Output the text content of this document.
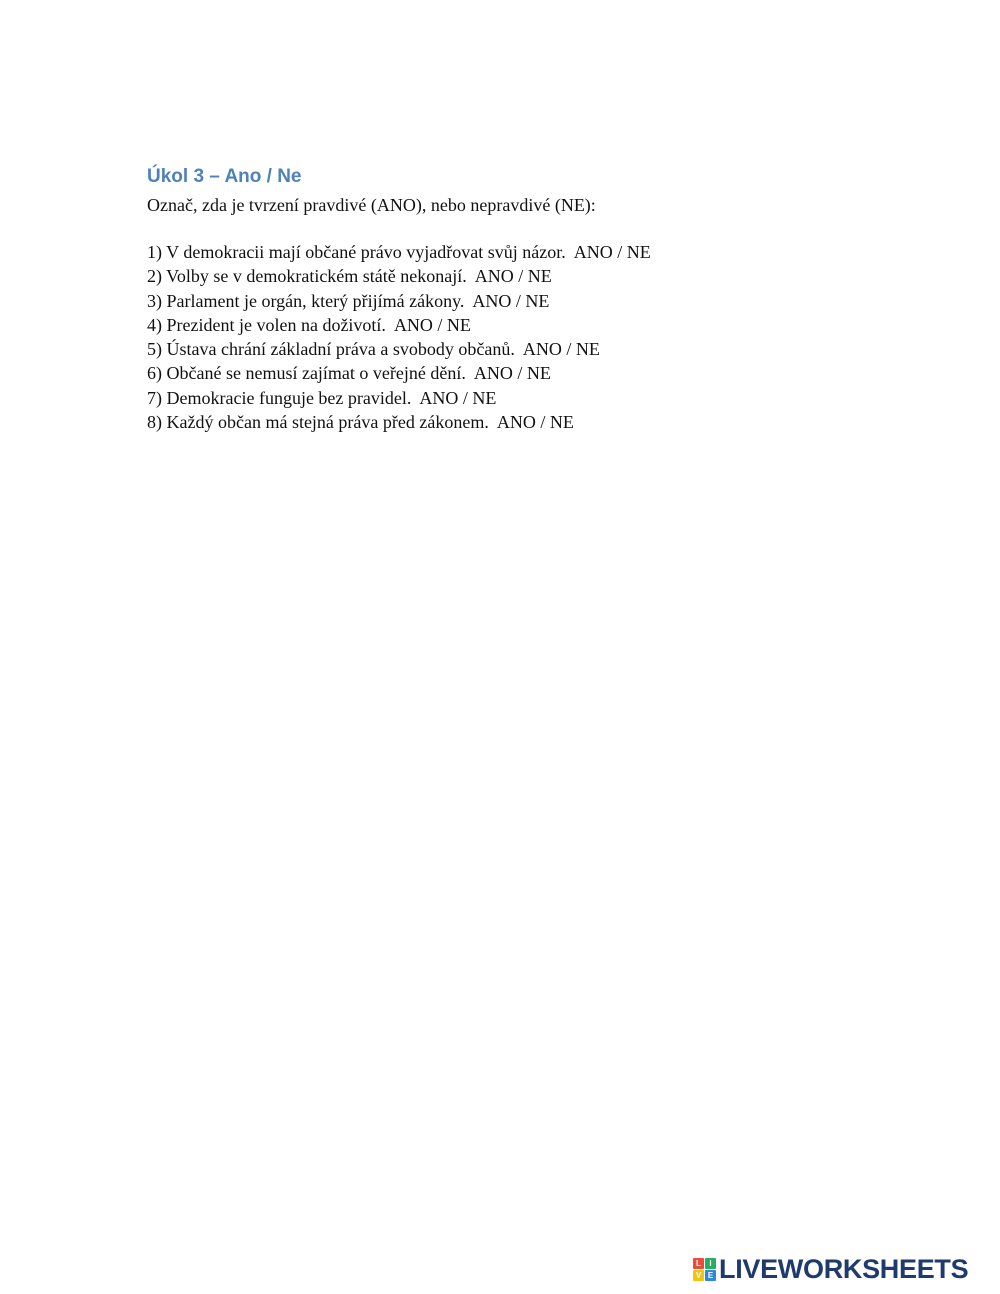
Úkol 3 – Ano / Ne

Označ, zda je tvrzení pravdivé (ANO), nebo nepravdivé (NE):

1) V demokracii mají občané právo vyjadřovat svůj názor.  ANO / NE
2) Volby se v demokratickém státě nekonají.  ANO / NE
3) Parlament je orgán, který přijímá zákony.  ANO / NE
4) Prezident je volen na doživotí.  ANO / NE
5) Ústava chrání základní práva a svobody občanů.  ANO / NE
6) Občané se nemusí zajímat o veřejné dění.  ANO / NE
7) Demokracie funguje bez pravidel.  ANO / NE
8) Každý občan má stejná práva před zákonem.  ANO / NE
L	I
V E LIVEWORKSHEETS
